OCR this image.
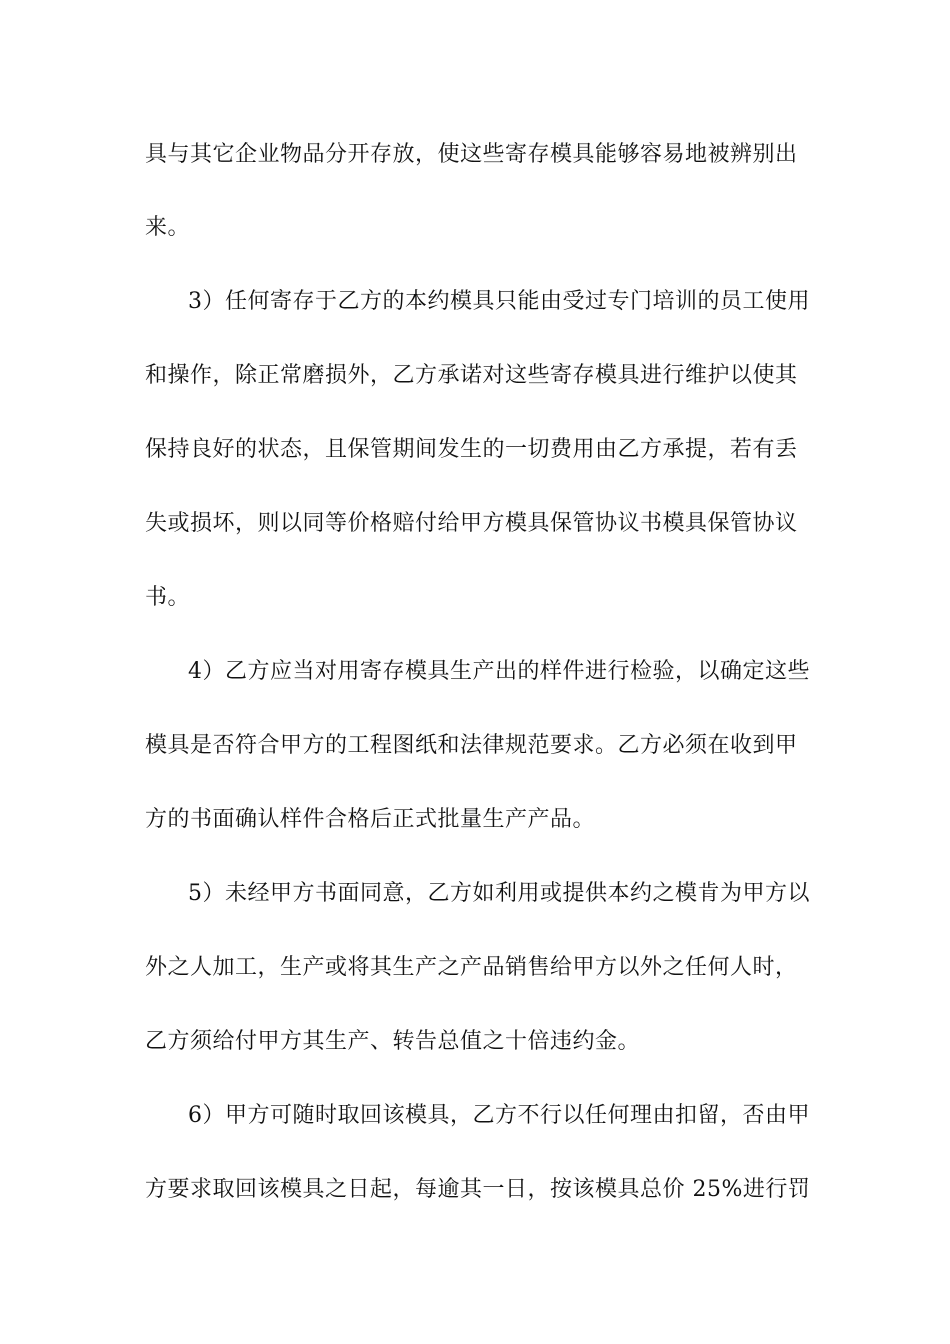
具与其它企业物品分开存放，使这些寄存模具能够容易地被辨别出
来。
3）任何寄存于乙方的本约模具只能由受过专门培训的员工使用
和操作，除正常磨损外，乙方承诺对这些寄存模具进行维护以使其
保持良好的状态，且保管期间发生的一切费用由乙方承提，若有丢
失或损坏，则以同等价格赔付给甲方模具保管协议书模具保管协议
书。
4）乙方应当对用寄存模具生产出的样件进行检验，以确定这些
模具是否符合甲方的工程图纸和法律规范要求。乙方必须在收到甲
方的书面确认样件合格后正式批量生产产品。
5）未经甲方书面同意，乙方如利用或提供本约之模肯为甲方以
外之人加工，生产或将其生产之产品销售给甲方以外之任何人时，
乙方须给付甲方其生产、转告总值之十倍违约金。
6）甲方可随时取回该模具，乙方不行以任何理由扣留，否由甲
方要求取回该模具之日起，每逾其一日，按该模具总价 25%进行罚
